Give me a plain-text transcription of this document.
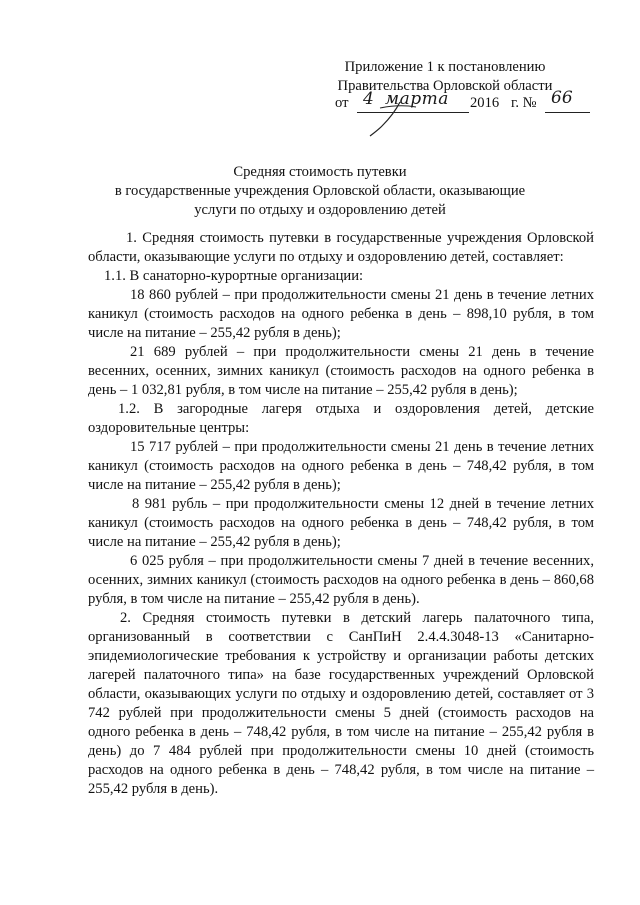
Приложение 1 к постановлению
Правительства Орловской области
от 4 марта 2016 г. № 66
Средняя стоимость путевки
в государственные учреждения Орловской области, оказывающие
услуги по отдыху и оздоровлению детей

1. Средняя стоимость путевки в государственные учреждения Орловской области, оказывающие услуги по отдыху и оздоровлению детей, составляет:

1.1. В санаторно-курортные организации:

18 860 рублей – при продолжительности смены 21 день в течение летних каникул (стоимость расходов на одного ребенка в день – 898,10 рубля, в том числе на питание – 255,42 рубля в день);

21 689 рублей – при продолжительности смены 21 день в течение весенних, осенних, зимних каникул (стоимость расходов на одного ребенка в день – 1 032,81 рубля, в том числе на питание – 255,42 рубля в день);

1.2. В загородные лагеря отдыха и оздоровления детей, детские оздоровительные центры:

15 717 рублей – при продолжительности смены 21 день в течение летних каникул (стоимость расходов на одного ребенка в день – 748,42 рубля, в том числе на питание – 255,42 рубля в день);

8 981 рубль – при продолжительности смены 12 дней в течение летних каникул (стоимость расходов на одного ребенка в день – 748,42 рубля, в том числе на питание – 255,42 рубля в день);

6 025 рубля – при продолжительности смены 7 дней в течение весенних, осенних, зимних каникул (стоимость расходов на одного ребенка в день – 860,68 рубля, в том числе на питание – 255,42 рубля в день).

2. Средняя стоимость путевки в детский лагерь палаточного типа, организованный в соответствии с СанПиН 2.4.4.3048-13 «Санитарно-эпидемиологические требования к устройству и организации работы детских лагерей палаточного типа» на базе государственных учреждений Орловской области, оказывающих услуги по отдыху и оздоровлению детей, составляет от 3 742 рублей при продолжительности смены 5 дней (стоимость расходов на одного ребенка в день – 748,42 рубля, в том числе на питание – 255,42 рубля в день) до 7 484 рублей при продолжительности смены 10 дней (стоимость расходов на одного ребенка в день – 748,42 рубля, в том числе на питание – 255,42 рубля в день).
